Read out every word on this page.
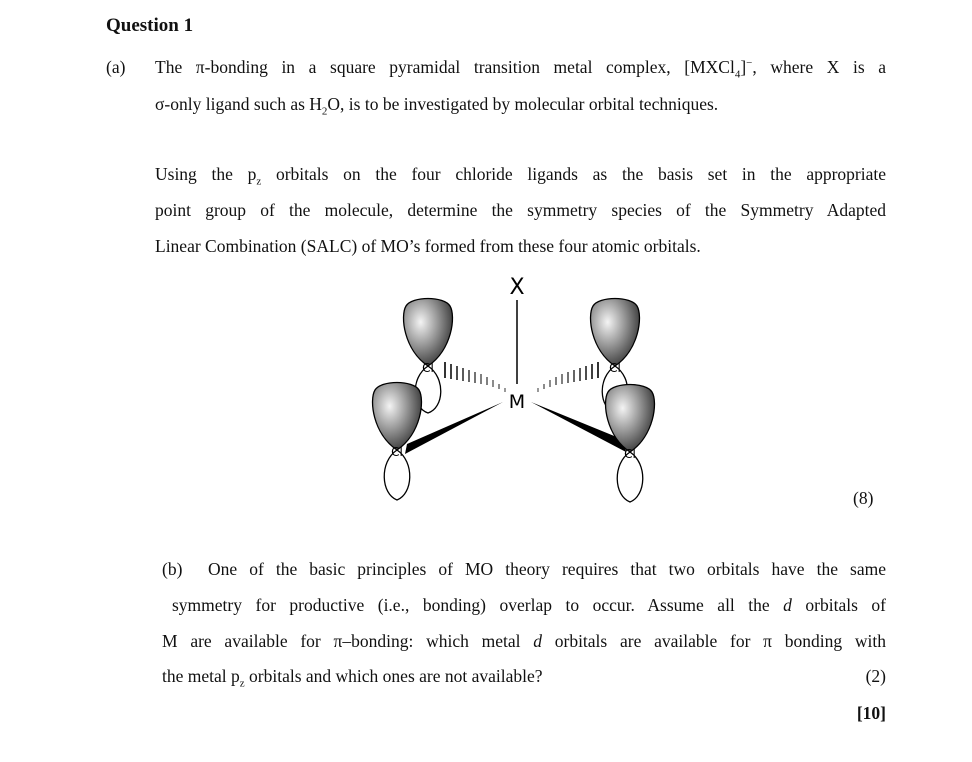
Question 1
(a) The π-bonding in a square pyramidal transition metal complex, [MXCl$_4$]−, where X is a
σ-only ligand such as $H_2O$, is to be investigated by molecular orbital techniques.
Using the $p_z$ orbitals on the four chloride ligands as the basis set in the appropriate
point group of the molecule, determine the symmetry species of the Symmetry Adapted
Linear Combination (SALC) of MO’s formed from these four atomic orbitals.
X
M
Cl	Cl
Cl	Cl
(8)
(b) One of the basic principles of MO theory requires that two orbitals have the same
symmetry for productive (i.e., bonding) overlap to occur. Assume all the d orbitals of
M are available for π–bonding: which metal d orbitals are available for π bonding with
the metal $p_z$ orbitals and which ones are not available?	(2)
[10]
